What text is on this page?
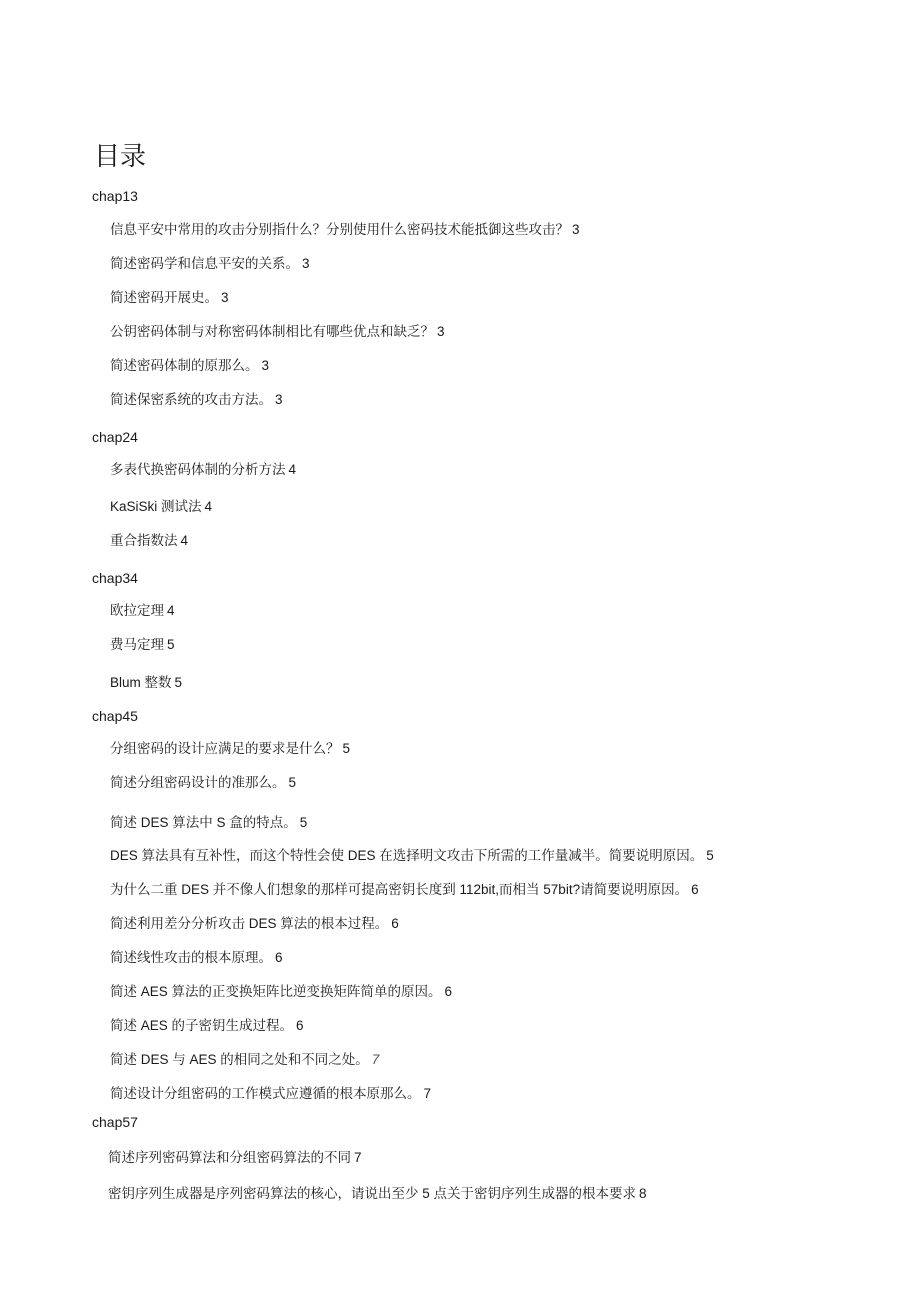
目录
chap13
信息平安中常用的攻击分别指什么？分别使用什么密码技术能抵御这些攻击？ 3
简述密码学和信息平安的关系。 3
简述密码开展史。 3
公钥密码体制与对称密码体制相比有哪些优点和缺乏？ 3
简述密码体制的原那么。 3
简述保密系统的攻击方法。 3
chap24
多表代换密码体制的分析方法 4
KaSiSki 测试法 4
重合指数法 4
chap34
欧拉定理 4
费马定理 5
Blum 整数 5
chap45
分组密码的设计应满足的要求是什么？ 5
简述分组密码设计的准那么。 5
简述 DES 算法中 S 盒的特点。 5
DES 算法具有互补性，而这个特性会使 DES 在选择明文攻击下所需的工作量减半。简要说明原因。 5
为什么二重 DES 并不像人们想象的那样可提高密钥长度到 112bit,而相当 57bit?请简要说明原因。 6
简述利用差分分析攻击 DES 算法的根本过程。 6
简述线性攻击的根本原理。 6
简述 AES 算法的正变换矩阵比逆变换矩阵简单的原因。 6
简述 AES 的子密钥生成过程。 6
简述 DES 与 AES 的相同之处和不同之处。 7
简述设计分组密码的工作模式应遵循的根本原那么。 7
chap57
简述序列密码算法和分组密码算法的不同 7
密钥序列生成器是序列密码算法的核心，请说出至少 5 点关于密钥序列生成器的根本要求 8
